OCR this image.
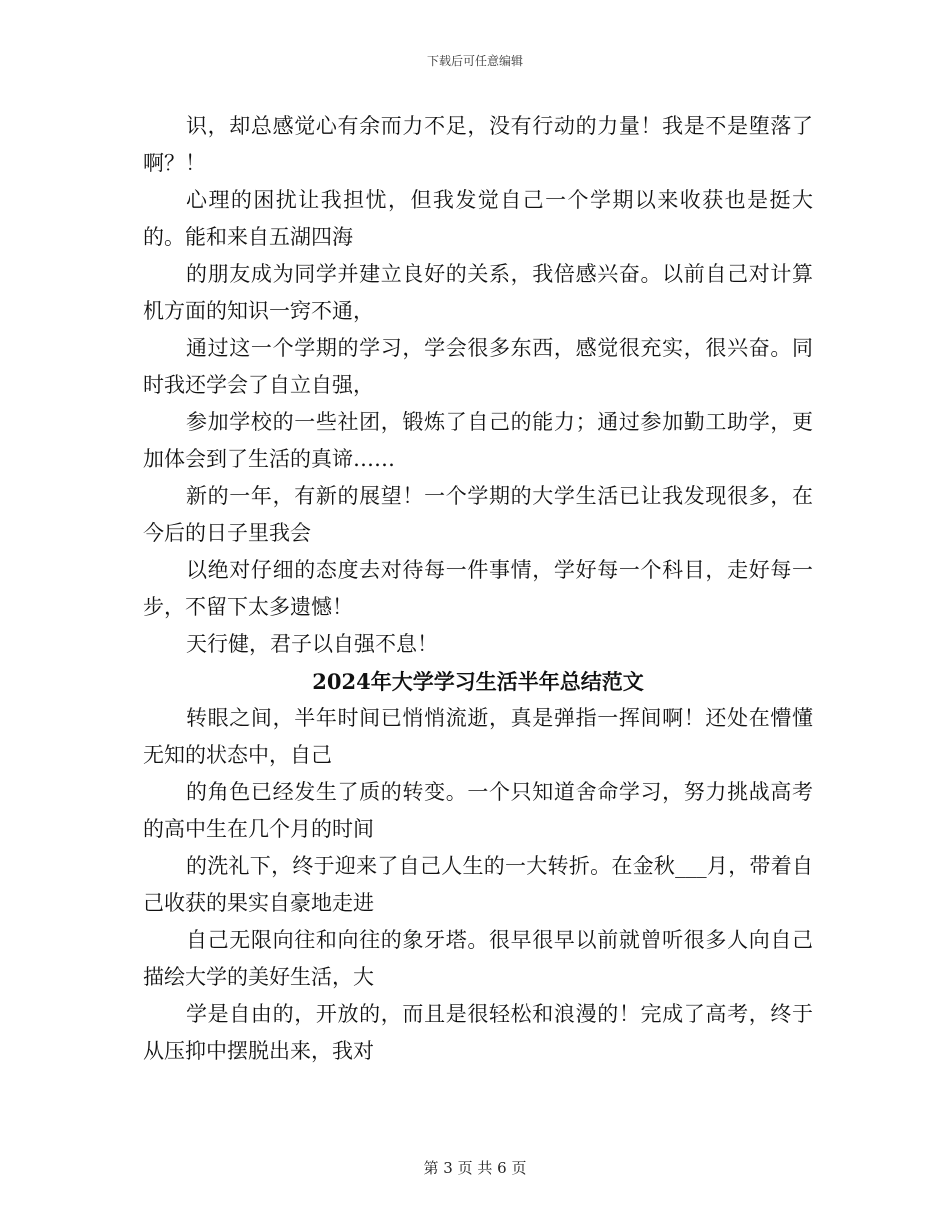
下载后可任意编辑

识，却总感觉心有余而力不足，没有行动的力量！我是不是堕落了啊？！

心理的困扰让我担忧，但我发觉自己一个学期以来收获也是挺大的。能和来自五湖四海

的朋友成为同学并建立良好的关系，我倍感兴奋。以前自己对计算机方面的知识一窍不通，

通过这一个学期的学习，学会很多东西，感觉很充实，很兴奋。同时我还学会了自立自强，

参加学校的一些社团，锻炼了自己的能力；通过参加勤工助学，更加体会到了生活的真谛……

新的一年，有新的展望！一个学期的大学生活已让我发现很多，在今后的日子里我会

以绝对仔细的态度去对待每一件事情，学好每一个科目，走好每一步，不留下太多遗憾！

天行健，君子以自强不息！

2024年大学学习生活半年总结范文

转眼之间，半年时间已悄悄流逝，真是弹指一挥间啊！还处在懵懂无知的状态中，自己

的角色已经发生了质的转变。一个只知道舍命学习，努力挑战高考的高中生在几个月的时间

的洗礼下，终于迎来了自己人生的一大转折。在金秋___月，带着自己收获的果实自豪地走进

自己无限向往和向往的象牙塔。很早很早以前就曾听很多人向自己描绘大学的美好生活，大

学是自由的，开放的，而且是很轻松和浪漫的！完成了高考，终于从压抑中摆脱出来，我对

第 3 页 共 6 页
